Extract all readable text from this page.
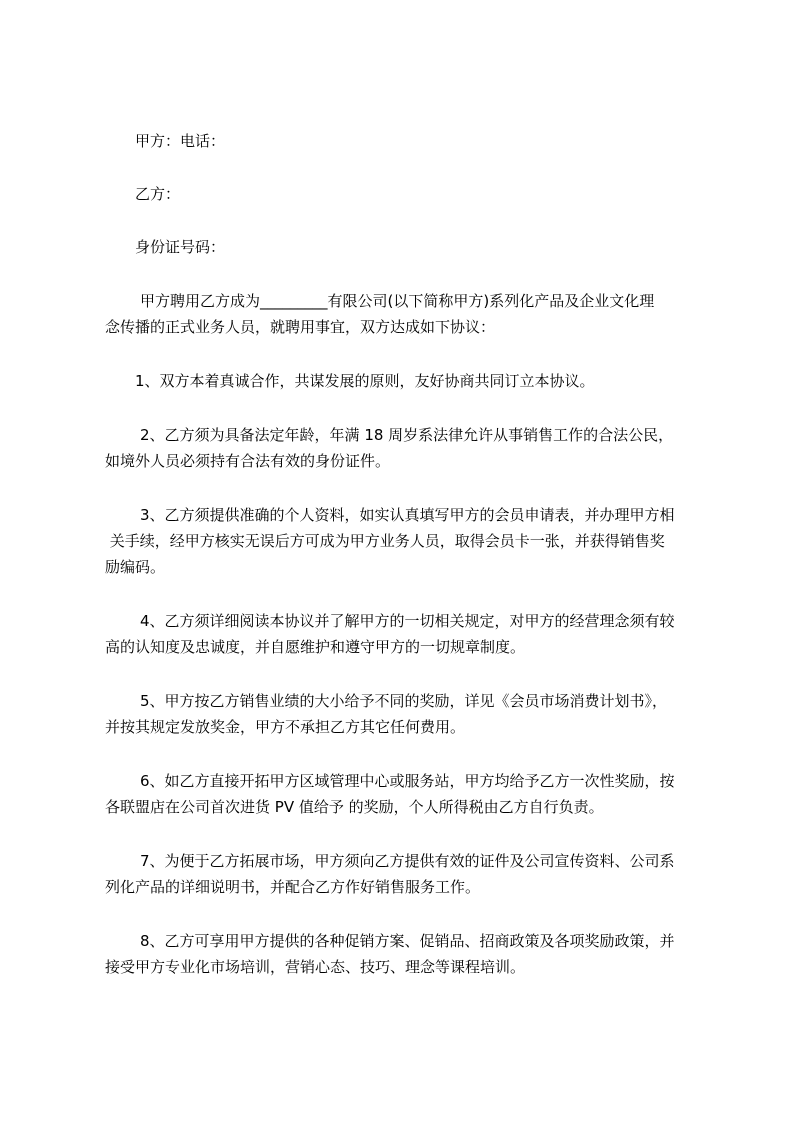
甲方：电话：
乙方：
身份证号码：
甲方聘用乙方成为_________有限公司(以下简称甲方)系列化产品及企业文化理
念传播的正式业务人员，就聘用事宜，双方达成如下协议：
1、双方本着真诚合作，共谋发展的原则，友好协商共同订立本协议。
2、乙方须为具备法定年龄，年满 18 周岁系法律允许从事销售工作的合法公民，
如境外人员必须持有合法有效的身份证件。
3、乙方须提供准确的个人资料，如实认真填写甲方的会员申请表，并办理甲方相
关手续，经甲方核实无误后方可成为甲方业务人员，取得会员卡一张，并获得销售奖
励编码。
4、乙方须详细阅读本协议并了解甲方的一切相关规定，对甲方的经营理念须有较
高的认知度及忠诚度，并自愿维护和遵守甲方的一切规章制度。
5、甲方按乙方销售业绩的大小给予不同的奖励，详见《会员市场消费计划书》，
并按其规定发放奖金，甲方不承担乙方其它任何费用。
6、如乙方直接开拓甲方区域管理中心或服务站，甲方均给予乙方一次性奖励，按
各联盟店在公司首次进货 PV 值给予 的奖励，个人所得税由乙方自行负责。
7、为便于乙方拓展市场，甲方须向乙方提供有效的证件及公司宣传资料、公司系
列化产品的详细说明书，并配合乙方作好销售服务工作。
8、乙方可享用甲方提供的各种促销方案、促销品、招商政策及各项奖励政策，并
接受甲方专业化市场培训，营销心态、技巧、理念等课程培训。
